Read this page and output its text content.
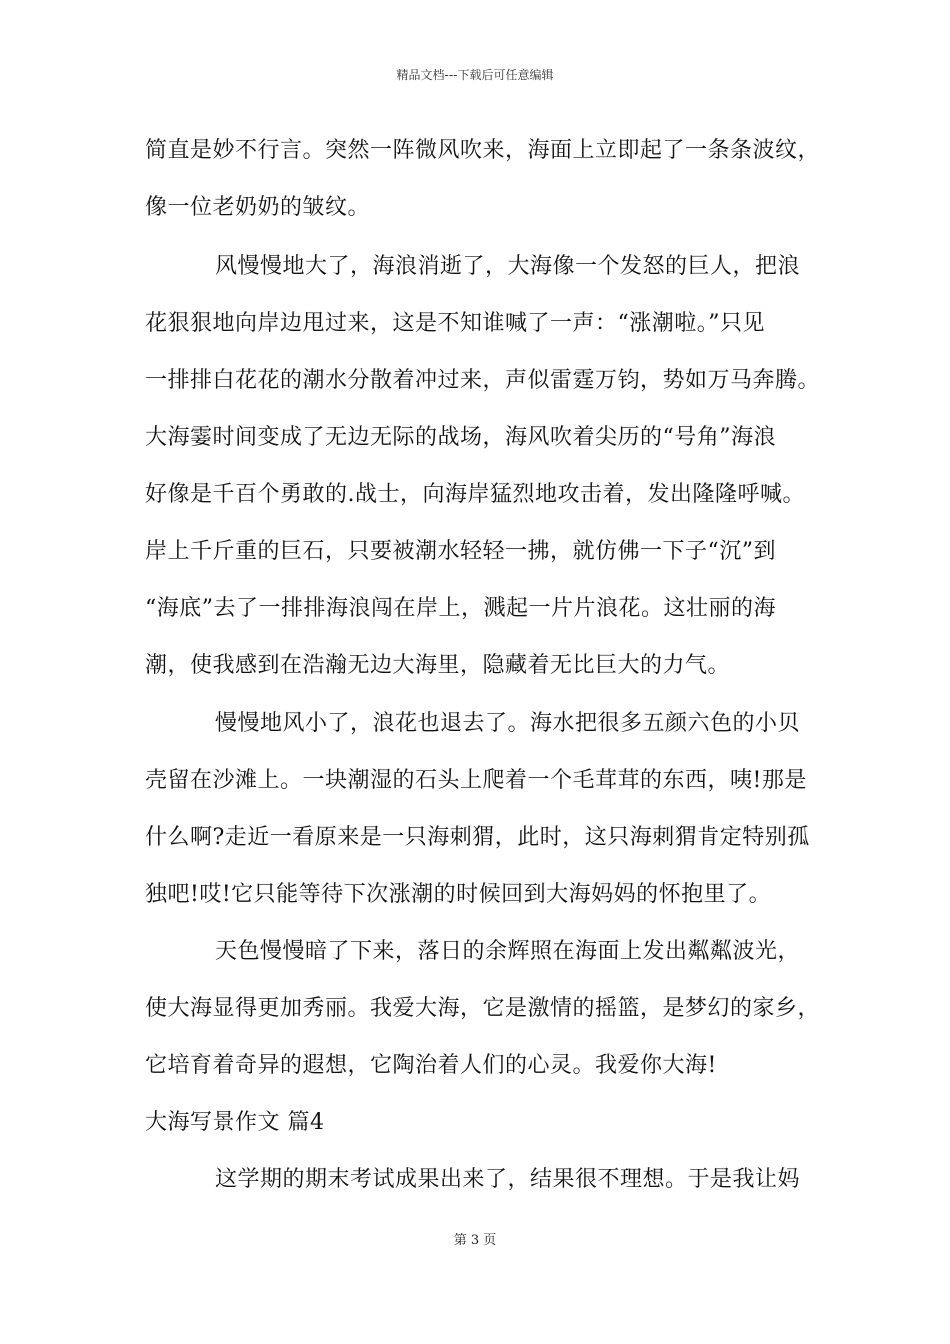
精品文档---下载后可任意编辑
简直是妙不行言。突然一阵微风吹来，海面上立即起了一条条波纹，
像一位老奶奶的皱纹。
风慢慢地大了，海浪消逝了，大海像一个发怒的巨人，把浪
花狠狠地向岸边甩过来，这是不知谁喊了一声：“涨潮啦。”只见
一排排白花花的潮水分散着冲过来，声似雷霆万钧，势如万马奔腾。
大海霎时间变成了无边无际的战场，海风吹着尖历的“号角”海浪
好像是千百个勇敢的.战士，向海岸猛烈地攻击着，发出隆隆呼喊。
岸上千斤重的巨石，只要被潮水轻轻一拂，就仿佛一下子“沉”到
“海底”去了一排排海浪闯在岸上，溅起一片片浪花。这壮丽的海
潮，使我感到在浩瀚无边大海里，隐藏着无比巨大的力气。
慢慢地风小了，浪花也退去了。海水把很多五颜六色的小贝
壳留在沙滩上。一块潮湿的石头上爬着一个毛茸茸的东西，咦!那是
什么啊?走近一看原来是一只海刺猬，此时，这只海刺猬肯定特别孤
独吧!哎!它只能等待下次涨潮的时候回到大海妈妈的怀抱里了。
天色慢慢暗了下来，落日的余辉照在海面上发出粼粼波光，
使大海显得更加秀丽。我爱大海，它是激情的摇篮，是梦幻的家乡，
它培育着奇异的遐想，它陶治着人们的心灵。我爱你大海!
大海写景作文 篇4
这学期的期末考试成果出来了，结果很不理想。于是我让妈
第 3 页
